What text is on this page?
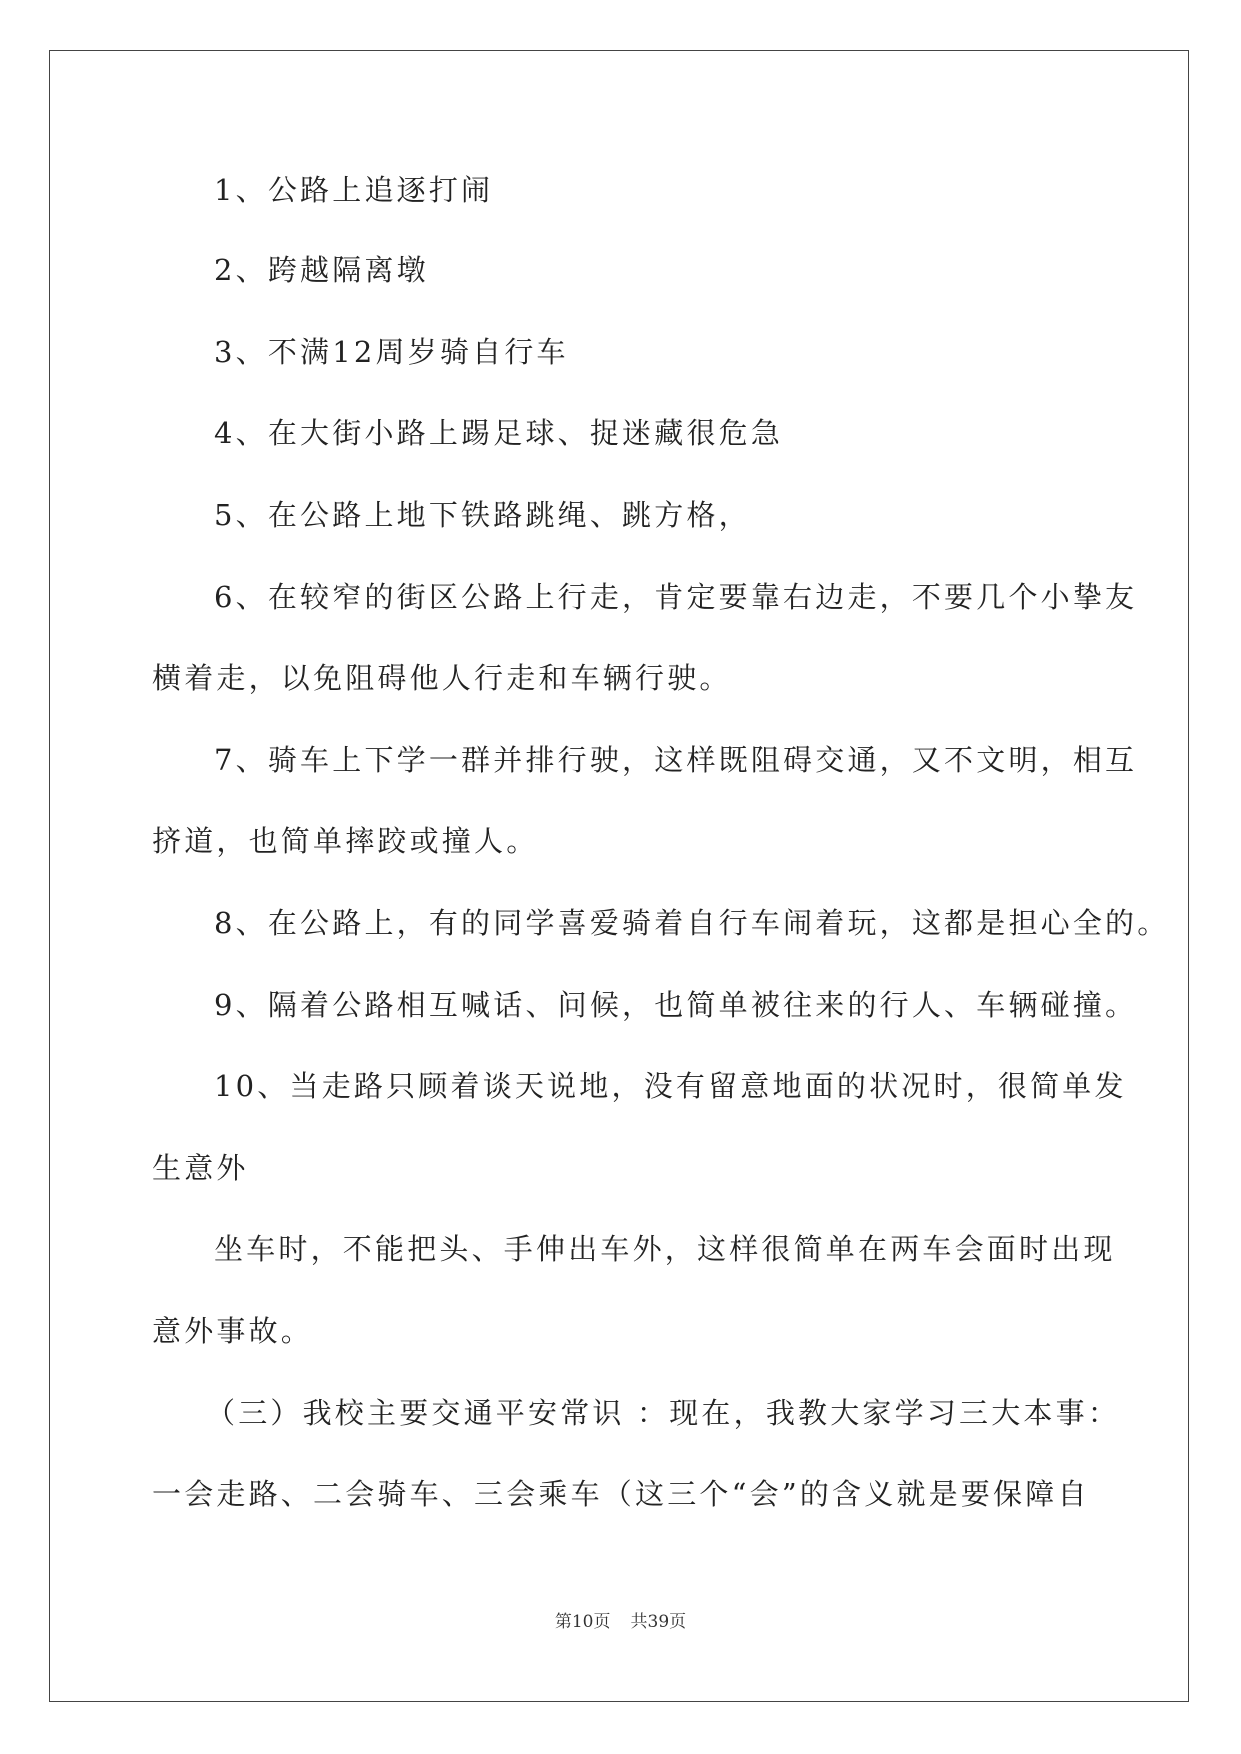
1、公路上追逐打闹
2、跨越隔离墩
3、不满12周岁骑自行车
4、在大街小路上踢足球、捉迷藏很危急
5、在公路上地下铁路跳绳、跳方格，
6、在较窄的街区公路上行走，肯定要靠右边走，不要几个小挚友
横着走，以免阻碍他人行走和车辆行驶。
7、骑车上下学一群并排行驶，这样既阻碍交通，又不文明，相互
挤道，也简单摔跤或撞人。
8、在公路上，有的同学喜爱骑着自行车闹着玩，这都是担心全的。
9、隔着公路相互喊话、问候，也简单被往来的行人、车辆碰撞。
10、当走路只顾着谈天说地，没有留意地面的状况时，很简单发
生意外
坐车时，不能把头、手伸出车外，这样很简单在两车会面时出现
意外事故。
（三）我校主要交通平安常识 ：现在，我教大家学习三大本事：
一会走路、二会骑车、三会乘车（这三个“会”的含义就是要保障自
第10页 共39页
